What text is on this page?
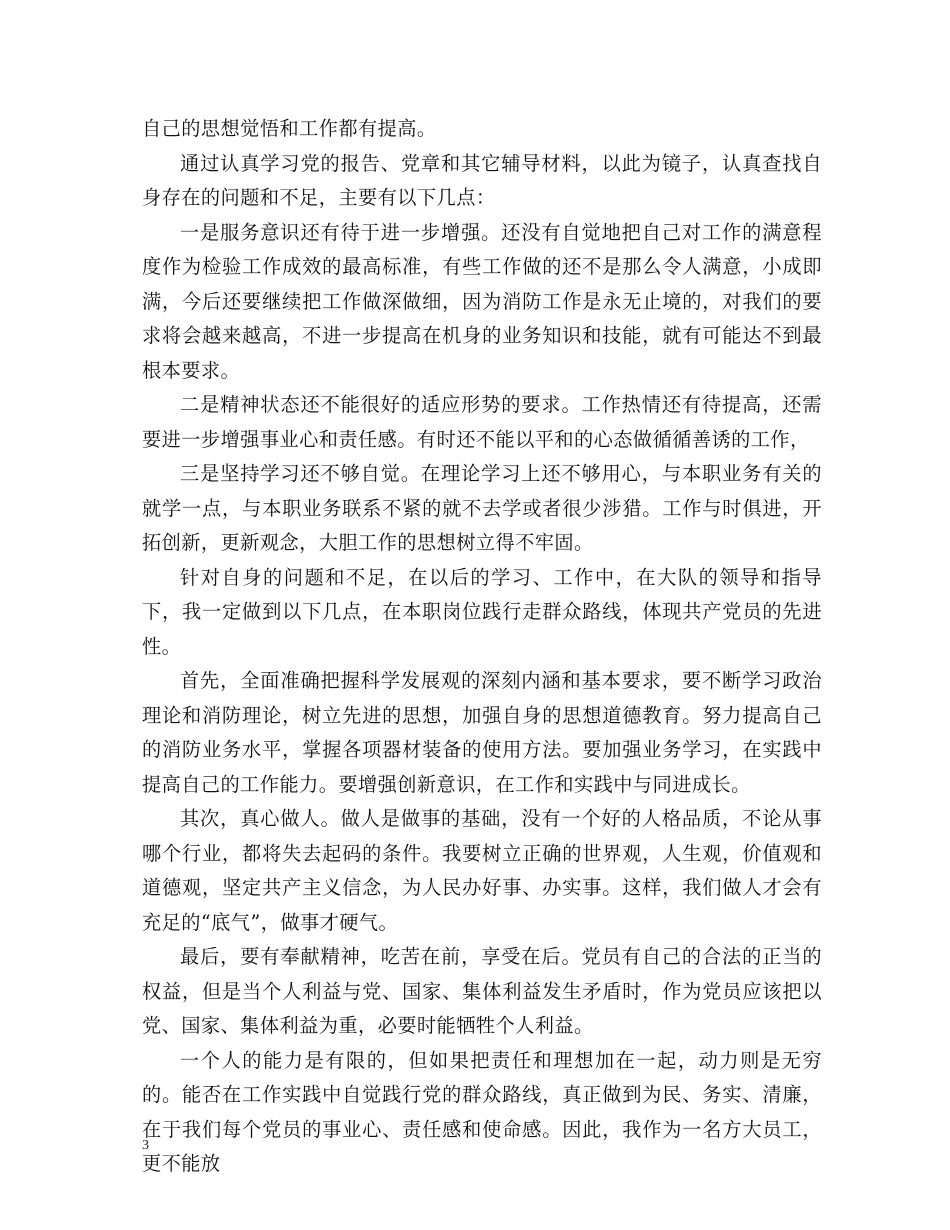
自己的思想觉悟和工作都有提高。

通过认真学习党的报告、党章和其它辅导材料，以此为镜子，认真查找自身存在的问题和不足，主要有以下几点：

一是服务意识还有待于进一步增强。还没有自觉地把自己对工作的满意程度作为检验工作成效的最高标准，有些工作做的还不是那么令人满意，小成即满，今后还要继续把工作做深做细，因为消防工作是永无止境的，对我们的要求将会越来越高，不进一步提高在机身的业务知识和技能，就有可能达不到最根本要求。

二是精神状态还不能很好的适应形势的要求。工作热情还有待提高，还需要进一步增强事业心和责任感。有时还不能以平和的心态做循循善诱的工作，

三是坚持学习还不够自觉。在理论学习上还不够用心，与本职业务有关的就学一点，与本职业务联系不紧的就不去学或者很少涉猎。工作与时俱进，开拓创新，更新观念，大胆工作的思想树立得不牢固。

针对自身的问题和不足，在以后的学习、工作中，在大队的领导和指导下，我一定做到以下几点，在本职岗位践行走群众路线，体现共产党员的先进性。

首先，全面准确把握科学发展观的深刻内涵和基本要求，要不断学习政治理论和消防理论，树立先进的思想，加强自身的思想道德教育。努力提高自己的消防业务水平，掌握各项器材装备的使用方法。要加强业务学习，在实践中提高自己的工作能力。要增强创新意识，在工作和实践中与同进成长。

其次，真心做人。做人是做事的基础，没有一个好的人格品质，不论从事哪个行业，都将失去起码的条件。我要树立正确的世界观，人生观，价值观和道德观，坚定共产主义信念，为人民办好事、办实事。这样，我们做人才会有充足的“底气”，做事才硬气。

最后，要有奉献精神，吃苦在前，享受在后。党员有自己的合法的正当的权益，但是当个人利益与党、国家、集体利益发生矛盾时，作为党员应该把以党、国家、集体利益为重，必要时能牺牲个人利益。

一个人的能力是有限的，但如果把责任和理想加在一起，动力则是无穷的。能否在工作实践中自觉践行党的群众路线，真正做到为民、务实、清廉，在于我们每个党员的事业心、责任感和使命感。因此，我作为一名方大员工，更不能放

3
